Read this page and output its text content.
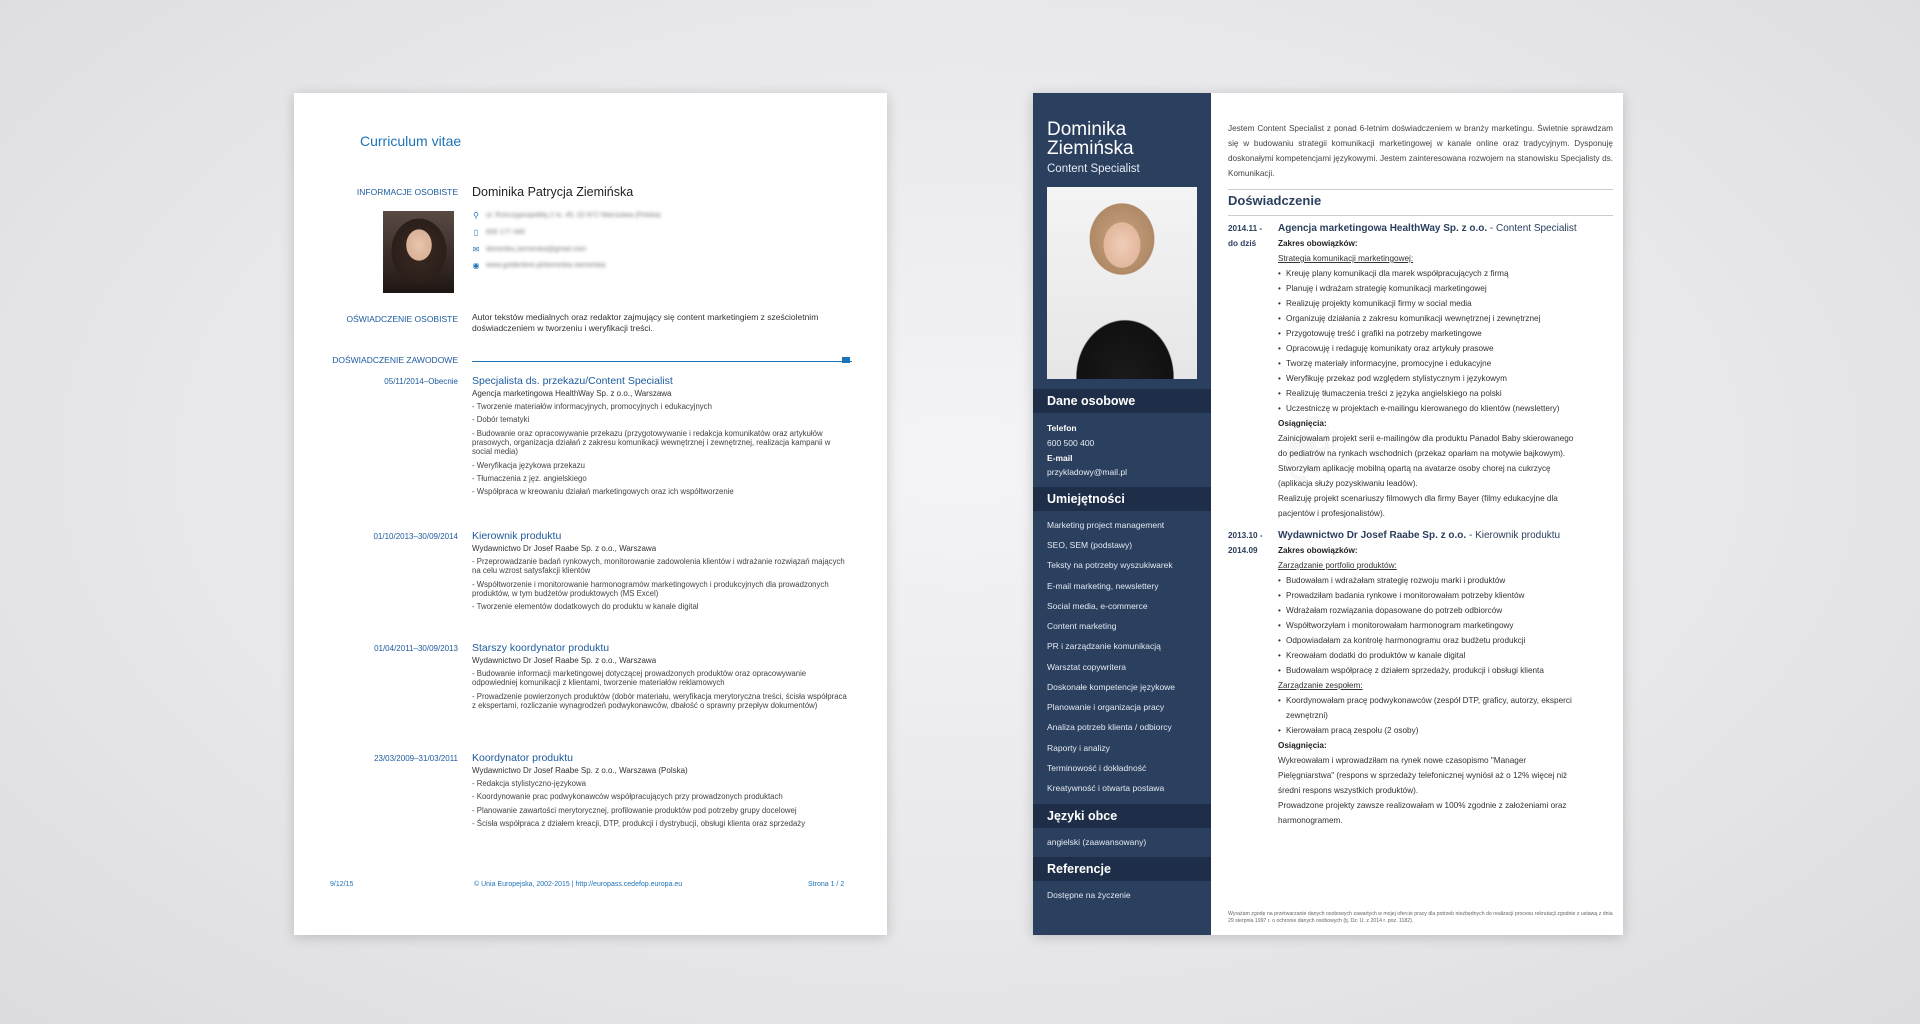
Curriculum vitae
INFORMACJE OSOBISTE Dominika Patrycja Ziemińska
⚲ ul. Rzeczypospolitej 2 m. 45, 02-972 Warszawa (Polska)
▯ 600 177 440
✉ dominika.ziemińska@gmail.com
◉ www.goldenline.pl/dominika-ziemińska
OŚWIADCZENIE OSOBISTE Autor tekstów medialnych oraz redaktor zajmujący się content marketingiem z sześcioletnim doświadczeniem w tworzeniu i weryfikacji treści.
DOŚWIADCZENIE ZAWODOWE
05/11/2014–Obecnie Specjalista ds. przekazu/Content Specialist
Agencja marketingowa HealthWay Sp. z o.o., Warszawa
- Tworzenie materiałów informacyjnych, promocyjnych i edukacyjnych
- Dobór tematyki
- Budowanie oraz opracowywanie przekazu (przygotowywanie i redakcja komunikatów oraz artykułów prasowych, organizacja działań z zakresu komunikacji wewnętrznej i zewnętrznej, realizacja kampanii w social media)
- Weryfikacja językowa przekazu
- Tłumaczenia z jęz. angielskiego
- Współpraca w kreowaniu działań marketingowych oraz ich współtworzenie
01/10/2013–30/09/2014 Kierownik produktu
Wydawnictwo Dr Josef Raabe Sp. z o.o., Warszawa
- Przeprowadzanie badań rynkowych, monitorowanie zadowolenia klientów i wdrażanie rozwiązań mających na celu wzrost satysfakcji klientów
- Współtworzenie i monitorowanie harmonogramów marketingowych i produkcyjnych dla prowadzonych produktów, w tym budżetów produktowych (MS Excel)
- Tworzenie elementów dodatkowych do produktu w kanale digital
01/04/2011–30/09/2013 Starszy koordynator produktu
Wydawnictwo Dr Josef Raabe Sp. z o.o., Warszawa
- Budowanie informacji marketingowej dotyczącej prowadzonych produktów oraz opracowywanie odpowiedniej komunikacji z klientami, tworzenie materiałów reklamowych
- Prowadzenie powierzonych produktów (dobór materiału, weryfikacja merytoryczna treści, ścisła współpraca z ekspertami, rozliczanie wynagrodzeń podwykonawców, dbałość o sprawny przepływ dokumentów)
23/03/2009–31/03/2011 Koordynator produktu
Wydawnictwo Dr Josef Raabe Sp. z o.o., Warszawa (Polska)
- Redakcja stylistyczno-językowa
- Koordynowanie prac podwykonawców współpracujących przy prowadzonych produktach
- Planowanie zawartości merytorycznej, profilowanie produktów pod potrzeby grupy docelowej
- Ścisła współpraca z działem kreacji, DTP, produkcji i dystrybucji, obsługi klienta oraz sprzedaży
9/12/15	© Unia Europejska, 2002-2015 | http://europass.cedefop.europa.eu	Strona 1 / 2
Dominika
Ziemińska
Content Specialist
Dane osobowe
Telefon
600 500 400
E-mail
przykladowy@mail.pl
Umiejętności
Marketing project management
SEO, SEM (podstawy)
Teksty na potrzeby wyszukiwarek
E-mail marketing, newslettery
Social media, e-commerce
Content marketing
PR i zarządzanie komunikacją
Warsztat copywritera
Doskonałe kompetencje językowe
Planowanie i organizacja pracy
Analiza potrzeb klienta / odbiorcy
Raporty i analizy
Terminowość i dokładność
Kreatywność i otwarta postawa
Języki obce
angielski (zaawansowany)
Referencje
Dostępne na życzenie
Jestem Content Specialist z ponad 6-letnim doświadczeniem w branży marketingu. Świetnie sprawdzam się w budowaniu strategii komunikacji marketingowej w kanale online oraz tradycyjnym. Dysponuję doskonałymi kompetencjami językowymi. Jestem zainteresowana rozwojem na stanowisku Specjalisty ds. Komunikacji.
Doświadczenie
2014.11 -
do dziś
Agencja marketingowa HealthWay Sp. z o.o. - Content Specialist
Zakres obowiązków:
Strategia komunikacji marketingowej:
• Kreuję plany komunikacji dla marek współpracujących z firmą
• Planuję i wdrażam strategię komunikacji marketingowej
• Realizuję projekty komunikacji firmy w social media
• Organizuję działania z zakresu komunikacji wewnętrznej i zewnętrznej
• Przygotowuję treść i grafiki na potrzeby marketingowe
• Opracowuję i redaguję komunikaty oraz artykuły prasowe
• Tworzę materiały informacyjne, promocyjne i edukacyjne
• Weryfikuję przekaz pod względem stylistycznym i językowym
• Realizuję tłumaczenia treści z języka angielskiego na polski
• Uczestniczę w projektach e-mailingu kierowanego do klientów (newslettery)
Osiągnięcia:
Zainicjowałam projekt serii e-mailingów dla produktu Panadol Baby skierowanego
do pediatrów na rynkach wschodnich (przekaz oparłam na motywie bajkowym).
Stworzyłam aplikację mobilną opartą na avatarze osoby chorej na cukrzycę
(aplikacja służy pozyskiwaniu leadów).
Realizuję projekt scenariuszy filmowych dla firmy Bayer (filmy edukacyjne dla
pacjentów i profesjonalistów).
2013.10 -
2014.09
Wydawnictwo Dr Josef Raabe Sp. z o.o. - Kierownik produktu
Zakres obowiązków:
Zarządzanie portfolio produktów:
• Budowałam i wdrażałam strategię rozwoju marki i produktów
• Prowadziłam badania rynkowe i monitorowałam potrzeby klientów
• Wdrażałam rozwiązania dopasowane do potrzeb odbiorców
• Współtworzyłam i monitorowałam harmonogram marketingowy
• Odpowiadałam za kontrolę harmonogramu oraz budżetu produkcji
• Kreowałam dodatki do produktów w kanale digital
• Budowałam współpracę z działem sprzedaży, produkcji i obsługi klienta
Zarządzanie zespołem:
• Koordynowałam pracę podwykonawców (zespół DTP, graficy, autorzy, eksperci
zewnętrzni)
• Kierowałam pracą zespołu (2 osoby)
Osiągnięcia:
Wykreowałam i wprowadziłam na rynek nowe czasopismo "Manager
Pielęgniarstwa" (respons w sprzedaży telefonicznej wyniósł aż o 12% więcej niż
średni respons wszystkich produktów).
Prowadzone projekty zawsze realizowałam w 100% zgodnie z założeniami oraz
harmonogramem.
Wyrażam zgodę na przetwarzanie danych osobowych zawartych w mojej ofercie pracy dla potrzeb niezbędnych do realizacji procesu rekrutacji zgodnie z ustawą z dnia 29 sierpnia 1997 r. o ochronie danych osobowych (tj. Dz. U. z 2014 r. poz. 1182).
